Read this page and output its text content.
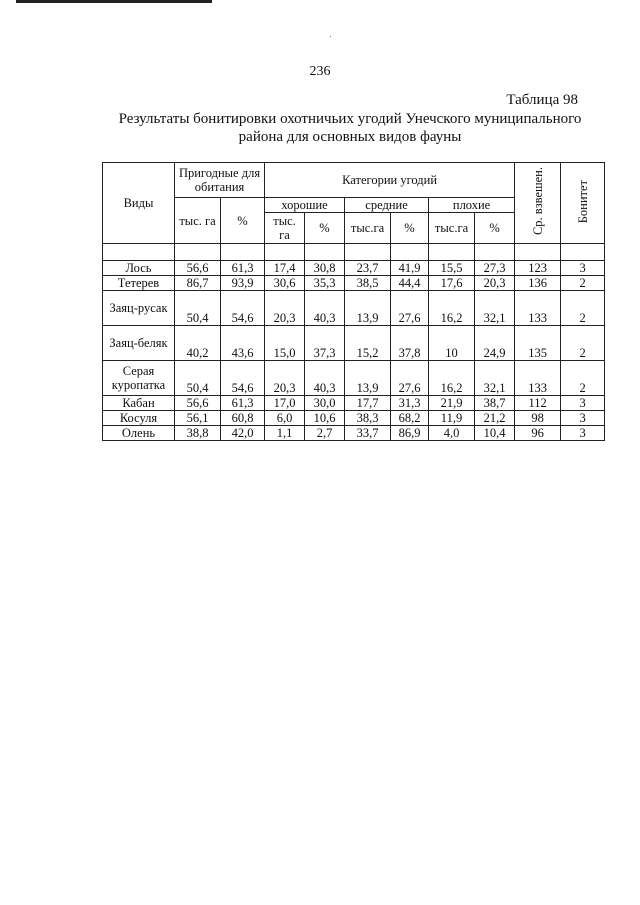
236
Таблица 98
Результаты бонитировки охотничьих угодий Унечского муниципального
района для основных видов фауны
Виды	Пригодные для обитания		Категории угодий						Ср. взвешен.	Бонитет
	тыс. га	%	хорошие		средние		плохие			
			тыс. га	%	тыс.га	%	тыс.га	%		

Лось	56,6	61,3	17,4	30,8	23,7	41,9	15,5	27,3	123	3
Тетерев	86,7	93,9	30,6	35,3	38,5	44,4	17,6	20,3	136	2
Заяц-русак	50,4	54,6	20,3	40,3	13,9	27,6	16,2	32,1	133	2
Заяц-беляк	40,2	43,6	15,0	37,3	15,2	37,8	10	24,9	135	2
Серая куропатка	50,4	54,6	20,3	40,3	13,9	27,6	16,2	32,1	133	2
Кабан	56,6	61,3	17,0	30,0	17,7	31,3	21,9	38,7	112	3
Косуля	56,1	60,8	6,0	10,6	38,3	68,2	11,9	21,2	98	3
Олень	38,8	42,0	1,1	2,7	33,7	86,9	4,0	10,4	96	3
